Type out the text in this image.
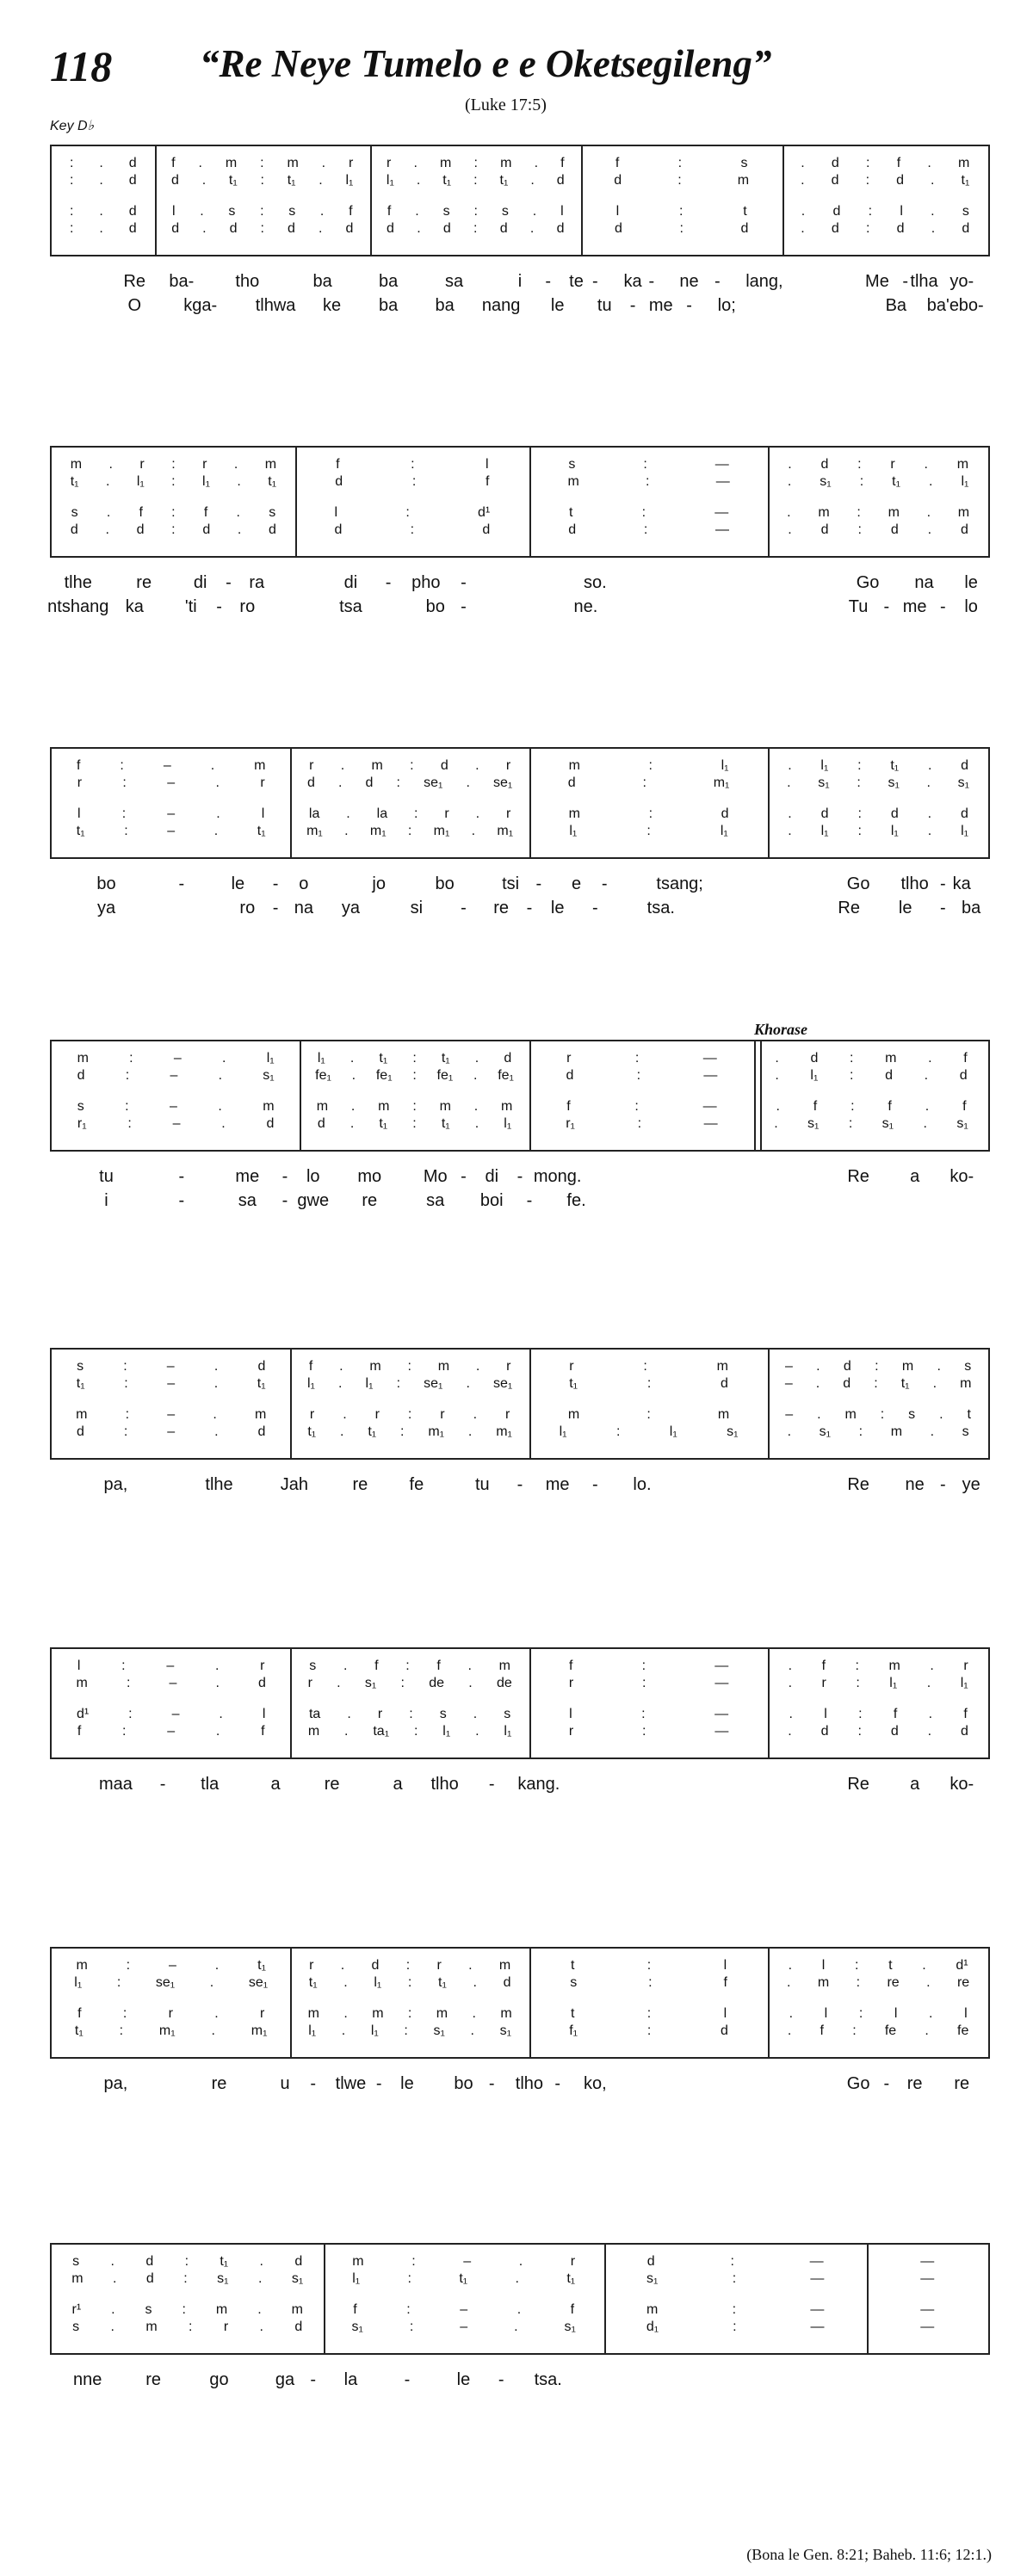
118 “Re Neye Tumelo e e Oketsegileng”
(Luke 17:5)
Key D♭
: . d
: . d
: . d
: . d
f . m : m . r
d . t₁ : t₁ . l₁
l . s : s . f
d . d : d . d
r . m : m . f
l₁ . t₁ : t₁ . d
f . s : s . l
d . d : d . d
f	:	s
d	:	m
l	:	t
d	:	d
. d : f . m
. d : d . t₁
. d : l . s
. d : d . d
Re ba- tho	ba	ba	sa	i - te - ka - ne - lang,	Me - tlha yo-
O kga- tlhwa ke ba ba nang le tu - me - lo;	Ba ba'e bo-
m . r : r . m
t₁ . l₁ : l₁ . t₁
s . f : f . s
d . d : d . d
f	:	l
d	:	f
l	:	d¹
d	:	d
s	:	—
m	:	—
t	:	—
d	:	—
. d : r . m
. s₁ : t₁ . l₁
. m : m . m
. d : d . d
tlhe	re di - ra	di - pho -	so.	Go na le
ntshang ka 'ti - ro	tsa	bo -	ne.	Tu - me - lo
f	:	–	.	m
r	:	–	.	r
l	:	–	.	l
t₁	:	–	.	t₁
r . m : d . r
d . d : se₁ . se₁
la . la : r . r
m₁ . m₁ : m₁ . m₁
m	:	l₁
d	:	m₁
m	:	d
l₁	:	l₁
. l₁ : t₁ . d
. s₁ : s₁ . s₁
. d : d . d
. l₁ : l₁ . l₁
bo	-	le - o	jo	bo	tsi - e -	tsang;	Go tlho - ka
ya	ro - na ya	si - re - le -	tsa.	Re le - ba
m	:	–	.	l₁
d	:	–	.	s₁
s	:	–	.	m
r₁	:	–	.	d
l₁ . t₁ : t₁ . d
fe₁ . fe₁ : fe₁ . fe₁
m . m : m . m
d . t₁ : t₁ . l₁
r	:	—
d	:	—
f	:	—
r₁	:	—
. d : m . f
. l₁ : d . d
. f : f . f
. s₁ : s₁ . s₁
tu	-	me - lo mo Mo - di - mong.	Re a ko-
i	-	sa - gwe re	sa boi - fe.
s	:	–	.	d
t₁	:	–	.	t₁
m	:	–	.	m
d	:	–	.	d
f . m : m . r
l₁ . l₁ : se₁ . se₁
r . r : r . r
t₁ . t₁ : m₁ . m₁
r	:	m
t₁	:	d
m	:	m
l₁	:	l₁	s₁
– . d : m . s
– . d : t₁ . m
– . m : s . t
. s₁ : m . s
pa,	tlhe	Jah	re fe	tu - me - lo.	Re ne - ye
l	:	–	.	r
m	:	–	.	d
d¹	:	–	.	l
f	:	–	.	f
s . f : f . m
r . s₁ : de . de
ta . r : s . s
m . ta₁ : l₁ . l₁
f	:	—
r	:	—
l	:	—
r	:	—
. f : m . r
. r : l₁ . l₁
. l : f . f
. d : d . d
maa - tla	a	re	a tlho - kang.	Re a ko-
m	:	–	.	t₁
l₁	:	se₁	.	se₁
f	:	r	.	r
t₁	:	m₁	.	m₁
r . d : r . m
t₁ . l₁ : t₁ . d
m . m : m . m
l₁ . l₁ : s₁ . s₁
t	:	l
s	:	f
t	:	l
f₁	:	d
. l : t . d¹
. m : re . re
. l : l . l
. f : fe . fe
pa,	re	u - tlwe - le bo - tlho - ko,	Go - re re
s . d : t₁ . d
m . d : s₁ . s₁
r¹ . s : m . m
s . m : r . d
m	:	–	.	r
l₁	:	t₁	.	t₁
f	:	–	.	f
s₁	:	–	.	s₁
d	:	—
s₁	:	—
m	:	—
d₁	:	—
—
—
—
—
nne	re	go	ga - la	-	le - tsa.
Khorase
(Bona le Gen. 8:21; Baheb. 11:6; 12:1.)
